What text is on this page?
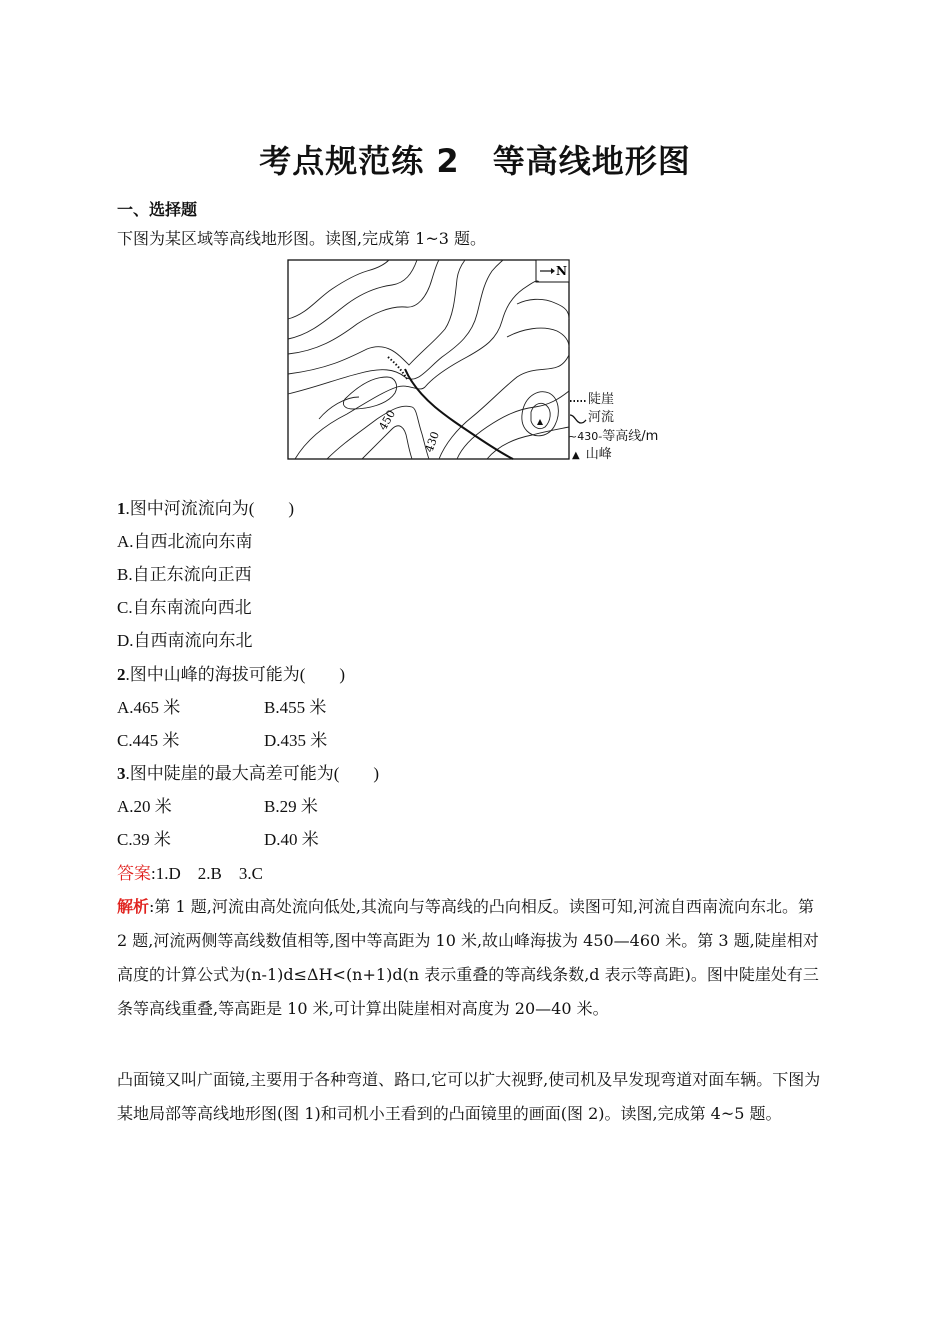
考点规范练 2　等高线地形图
一、选择题
下图为某区域等高线地形图。读图,完成第 1~3 题。
N
450
430
陡崖
河流
~430-等高线/m
▲ 山峰
1.图中河流流向为(　　)
A.自西北流向东南
B.自正东流向正西
C.自东南流向西北
D.自西南流向东北
2.图中山峰的海拔可能为(　　)
A.465 米	B.455 米
C.445 米	D.435 米
3.图中陡崖的最大高差可能为(　　)
A.20 米	B.29 米
C.39 米	D.40 米
答案:1.D　2.B　3.C
解析:第 1 题,河流由高处流向低处,其流向与等高线的凸向相反。读图可知,河流自西南流向东北。第 2 题,河流两侧等高线数值相等,图中等高距为 10 米,故山峰海拔为 450—460 米。第 3 题,陡崖相对高度的计算公式为(n-1)d≤ΔH<(n+1)d(n 表示重叠的等高线条数,d 表示等高距)。图中陡崖处有三条等高线重叠,等高距是 10 米,可计算出陡崖相对高度为 20—40 米。
凸面镜又叫广面镜,主要用于各种弯道、路口,它可以扩大视野,使司机及早发现弯道对面车辆。下图为某地局部等高线地形图(图 1)和司机小王看到的凸面镜里的画面(图 2)。读图,完成第 4~5 题。
